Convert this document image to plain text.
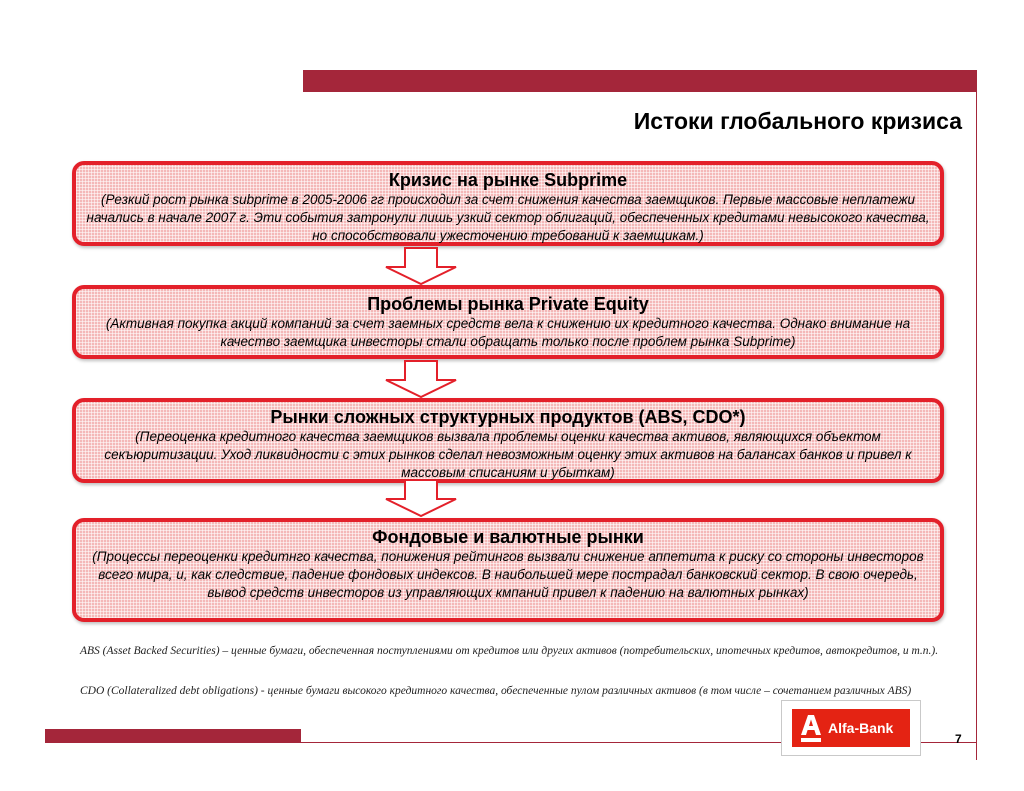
Истоки глобального кризиса
Кризис на рынке Subprime
(Резкий рост рынка subprime в 2005-2006 гг происходил за счет снижения качества заемщиков. Первые массовые неплатежи начались в начале 2007 г. Эти события затронули лишь узкий сектор облигаций, обеспеченных кредитами невысокого качества, но способствовали ужесточению требований к заемщикам.)
Проблемы рынка Private Equity
(Активная покупка акций компаний за счет заемных средств вела к снижению их кредитного качества. Однако внимание на качество заемщика инвесторы стали обращать только после проблем рынка Subprime)
Рынки сложных структурных продуктов (ABS, CDO*)
(Переоценка кредитного качества заемщиков вызвала проблемы оценки качества активов, являющихся объектом секъюритизации. Уход ликвидности с этих рынков сделал невозможным оценку этих активов на балансах банков и привел к массовым списаниям и убыткам)
Фондовые и валютные рынки
(Процессы переоценки кредитнго качества, понижения рейтингов вызвали снижение аппетита к риску со стороны инвесторов всего мира, и, как следствие, падение фондовых индексов. В наибольшей мере пострадал банковский сектор. В свою очередь, вывод средств инвесторов из управляющих кмпаний привел к падению на валютных рынках)
ABS (Asset Backed Securities) – ценные бумаги, обеспеченная поступлениями от кредитов или других активов (потребительских, ипотечных кредитов, автокредитов, и т.п.).
CDO (Collateralized debt obligations) - ценные бумаги высокого кредитного качества, обеспеченные пулом различных активов (в том числе – сочетанием различных ABS)
Alfa-Bank
7
